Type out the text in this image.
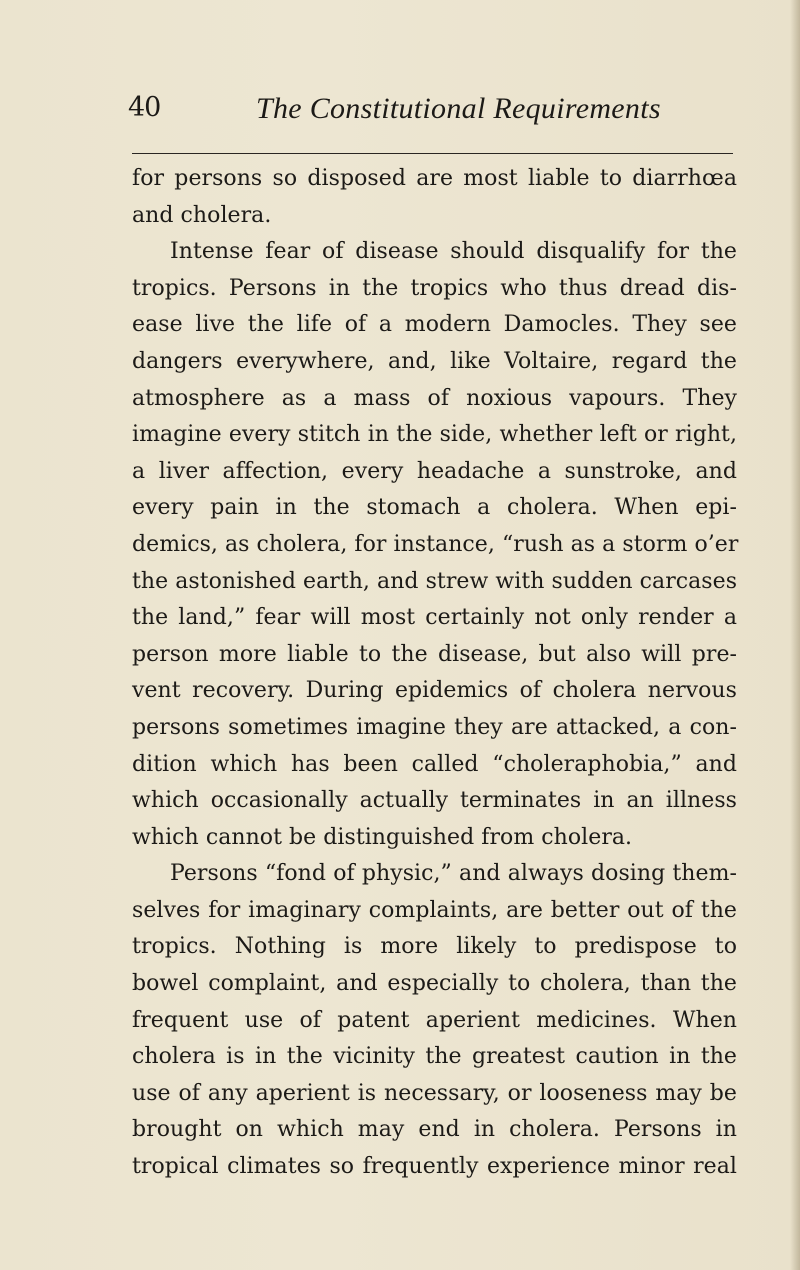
40	The Constitutional Requirements
for persons so disposed are most liable to diarrhœa
and cholera.
Intense fear of disease should disqualify for the
tropics. Persons in the tropics who thus dread dis-
ease live the life of a modern Damocles. They see
dangers everywhere, and, like Voltaire, regard the
atmosphere as a mass of noxious vapours. They
imagine every stitch in the side, whether left or right,
a liver affection, every headache a sunstroke, and
every pain in the stomach a cholera. When epi-
demics, as cholera, for instance, “rush as a storm o’er
the astonished earth, and strew with sudden carcases
the land,” fear will most certainly not only render a
person more liable to the disease, but also will pre-
vent recovery. During epidemics of cholera nervous
persons sometimes imagine they are attacked, a con-
dition which has been called “choleraphobia,” and
which occasionally actually terminates in an illness
which cannot be distinguished from cholera.
Persons “fond of physic,” and always dosing them-
selves for imaginary complaints, are better out of the
tropics. Nothing is more likely to predispose to
bowel complaint, and especially to cholera, than the
frequent use of patent aperient medicines. When
cholera is in the vicinity the greatest caution in the
use of any aperient is necessary, or looseness may be
brought on which may end in cholera. Persons in
tropical climates so frequently experience minor real
